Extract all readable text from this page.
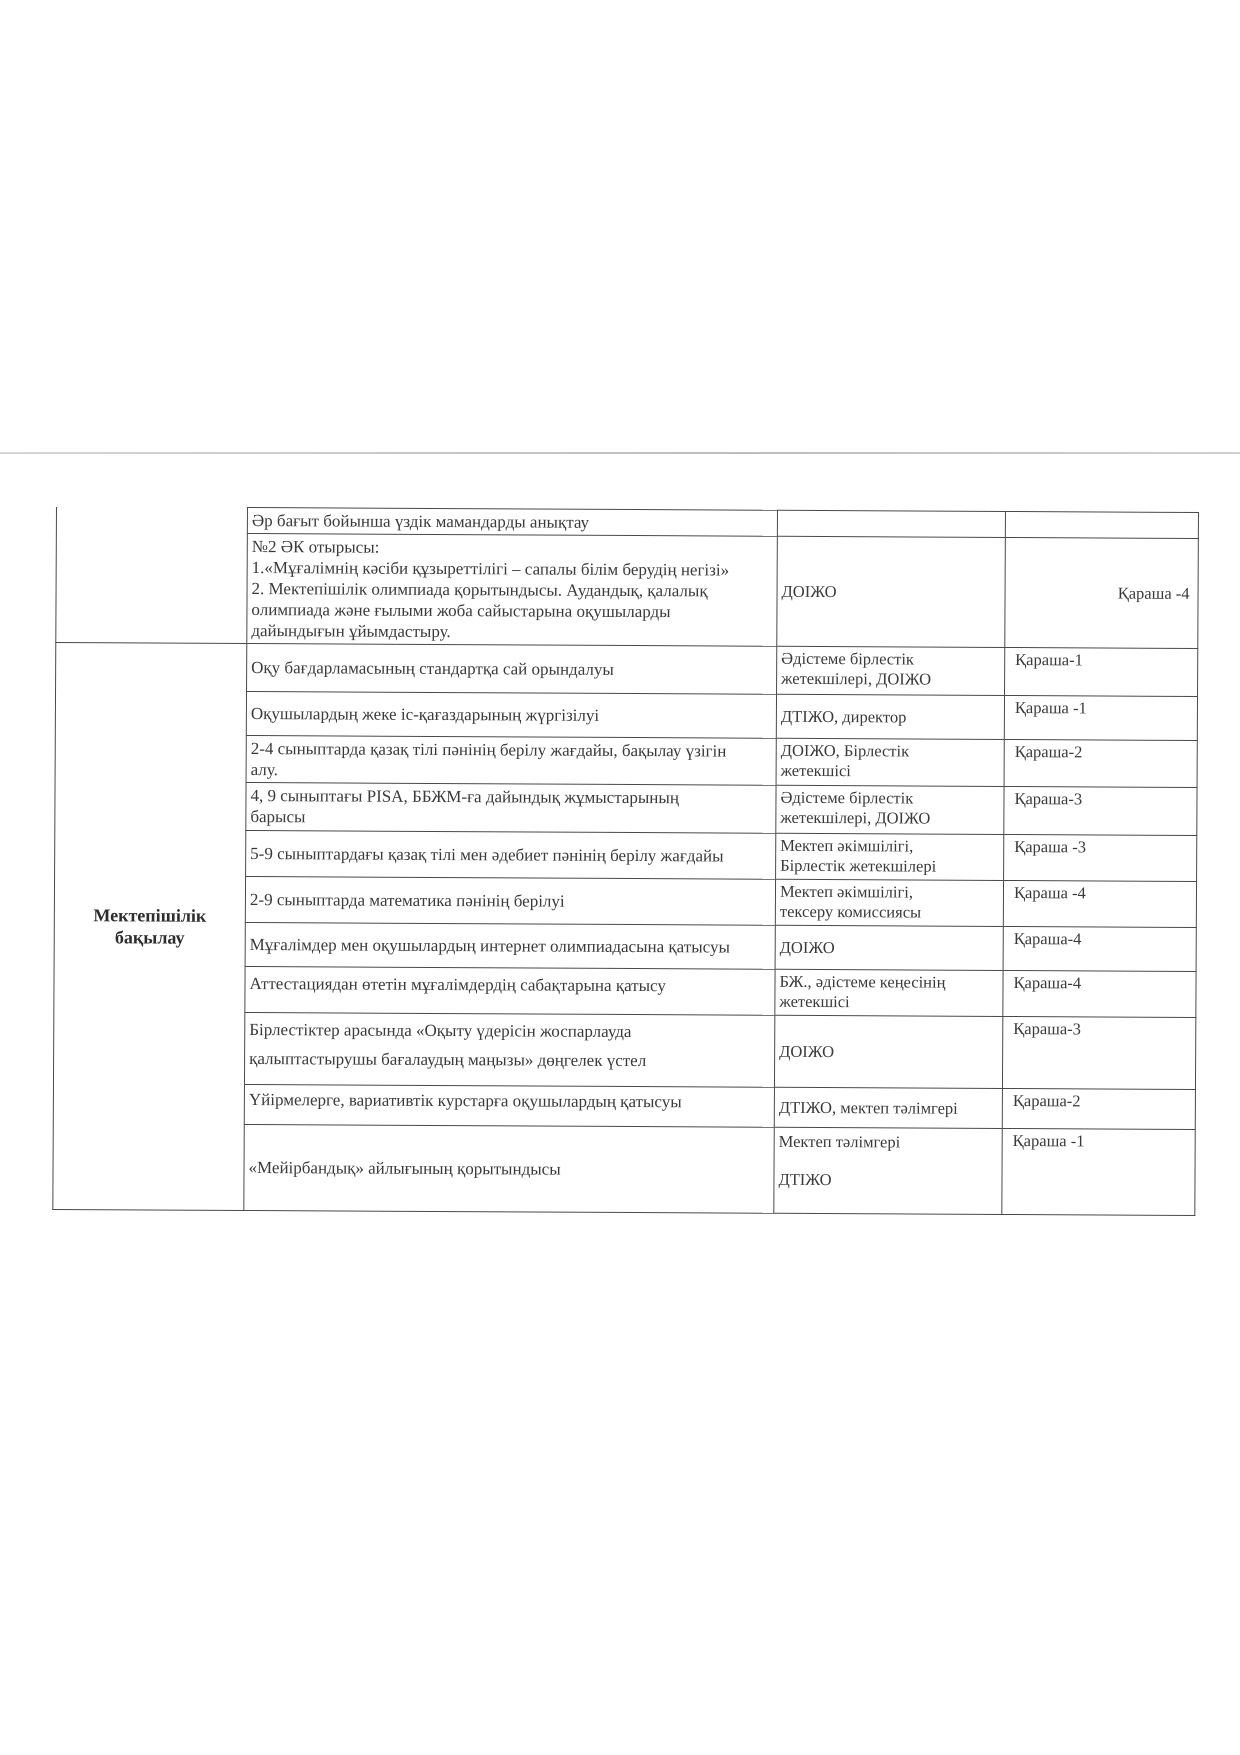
	Әр бағыт бойынша үздік мамандарды анықтау		

	№2 ӘК отырысы:
1.«Мұғалімнің кәсіби құзыреттілігі – сапалы білім берудің негізі»
2. Мектепішілік олимпиада қорытындысы. Аудандық, қалалық
олимпиада және ғылыми жоба сайыстарына оқушыларды
дайындығын ұйымдастыру.	ДОІЖО	Қараша -4

Мектепішілік
бақылау	Оқу бағдарламасының стандартқа сай орындалуы	Әдістеме бірлестік
жетекшілері, ДОІЖО	Қараша-1

	Оқушылардың жеке іс-қағаздарының жүргізілуі	ДТІЖО, директор	Қараша -1

	2-4 сыныптарда қазақ тілі пәнінің берілу жағдайы, бақылау үзігін
алу.	ДОІЖО, Бірлестік
жетекшісі	Қараша-2

	4, 9 сыныптағы PISA, ББЖМ-ға дайындық жұмыстарының
барысы	Әдістеме бірлестік
жетекшілері, ДОІЖО	Қараша-3

	5-9 сыныптардағы қазақ тілі мен әдебиет пәнінің берілу жағдайы	Мектеп әкімшілігі,
Бірлестік жетекшілері	Қараша -3

	2-9 сыныптарда математика пәнінің берілуі	Мектеп әкімшілігі,
тексеру комиссиясы	Қараша -4

	Мұғалімдер мен оқушылардың интернет олимпиадасына қатысуы	ДОІЖО	Қараша-4

	Аттестациядан өтетін мұғалімдердің сабақтарына қатысу	БЖ., әдістеме кеңесінің
жетекшісі	Қараша-4

	Бірлестіктер арасында «Оқыту үдерісін жоспарлауда
қалыптастырушы бағалаудың маңызы» дөңгелек үстел	ДОІЖО	Қараша-3

	Үйірмелерге, вариативтік курстарға оқушылардың қатысуы	ДТІЖО, мектеп тәлімгері	Қараша-2

	«Мейірбандық» айлығының қорытындысы	Мектеп тәлімгері
ДТІЖО	Қараша -1
